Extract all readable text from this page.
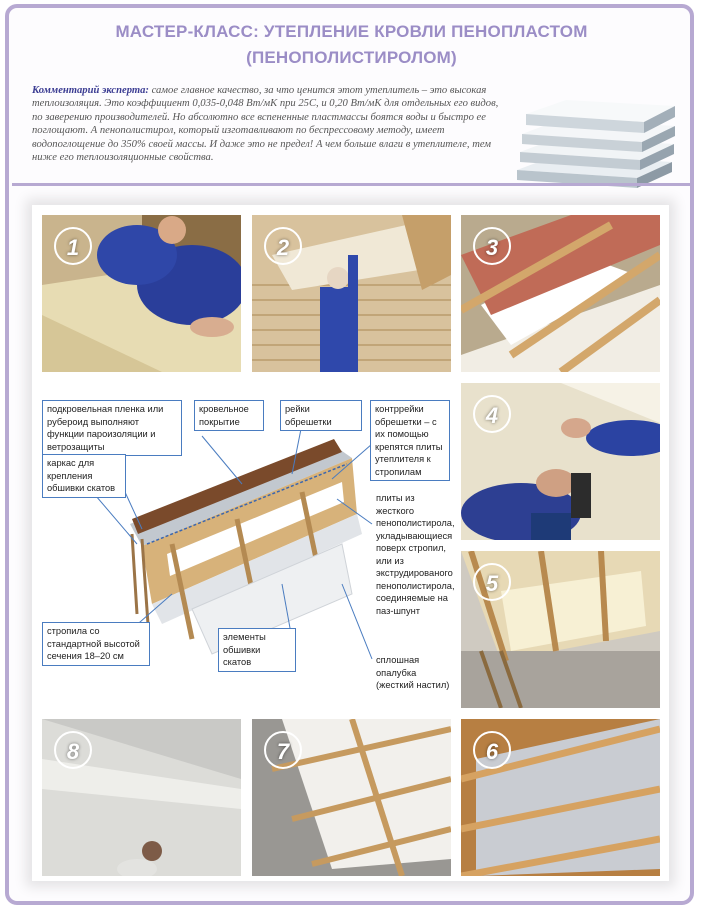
МАСТЕР-КЛАСС: УТЕПЛЕНИЕ КРОВЛИ ПЕНОПЛАСТОМ
(ПЕНОПОЛИСТИРОЛОМ)
Комментарий эксперта: самое главное качество, за что ценится этот утеплитель – это высокая теплоизоляция. Это коэффициент 0,035-0,048 Вт/мК при 25С, и 0,20 Вт/мК для отдельных его видов, по заверению производителей. Но абсолютно все вспененные пластмассы боятся воды и быстро ее поглощают. А пенополистирол, который изготавливают по беспрессовому методу, имеет водопоглощение до 350% своей массы. И даже это не предел! А чем больше влаги в утеплителе, тем ниже его теплоизоляционные свойства.
1	2	3
4
5
6
7
8
подкровельная пленка или рубероид выполняют функции пароизоляции и ветрозащиты
каркас для крепления обшивки скатов
кровельное покрытие
рейки обрешетки
контррейки обрешетки – с их помощью крепятся плиты утеплителя к стропилам
плиты из жесткого пенополистирола, укладывающиеся поверх стропил, или из экструдированого пенополистирола, соединяемые на паз-шпунт
стропила со стандартной высотой сечения 18–20 см
элементы обшивки скатов	сплошная опалубка (жесткий настил)
